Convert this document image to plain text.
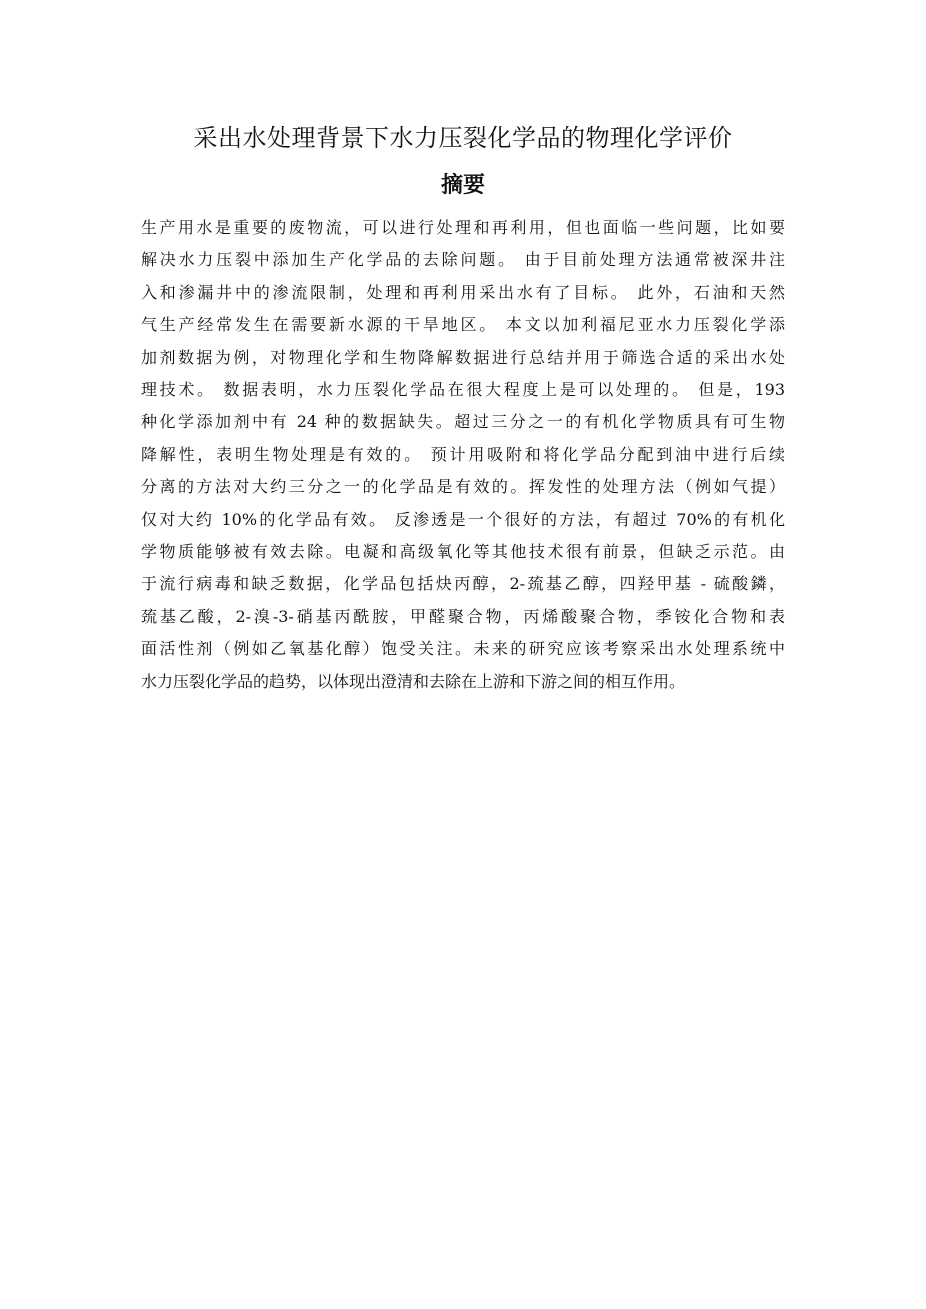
采出水处理背景下水力压裂化学品的物理化学评价
摘要
生产用水是重要的废物流，可以进行处理和再利用，但也面临一些问题，比如要
解决水力压裂中添加生产化学品的去除问题。 由于目前处理方法通常被深井注
入和渗漏井中的渗流限制，处理和再利用采出水有了目标。 此外，石油和天然
气生产经常发生在需要新水源的干旱地区。 本文以加利福尼亚水力压裂化学添
加剂数据为例，对物理化学和生物降解数据进行总结并用于筛选合适的采出水处
理技术。 数据表明，水力压裂化学品在很大程度上是可以处理的。 但是，193
种化学添加剂中有 24 种的数据缺失。超过三分之一的有机化学物质具有可生物
降解性，表明生物处理是有效的。 预计用吸附和将化学品分配到油中进行后续
分离的方法对大约三分之一的化学品是有效的。挥发性的处理方法（例如气提）
仅对大约 10%的化学品有效。 反渗透是一个很好的方法，有超过 70%的有机化
学物质能够被有效去除。电凝和高级氧化等其他技术很有前景，但缺乏示范。由
于流行病毒和缺乏数据，化学品包括炔丙醇，2-巯基乙醇，四羟甲基 - 硫酸鏻，
巯基乙酸，2-溴-3-硝基丙酰胺，甲醛聚合物，丙烯酸聚合物，季铵化合物和表
面活性剂（例如乙氧基化醇）饱受关注。未来的研究应该考察采出水处理系统中
水力压裂化学品的趋势，以体现出澄清和去除在上游和下游之间的相互作用。
